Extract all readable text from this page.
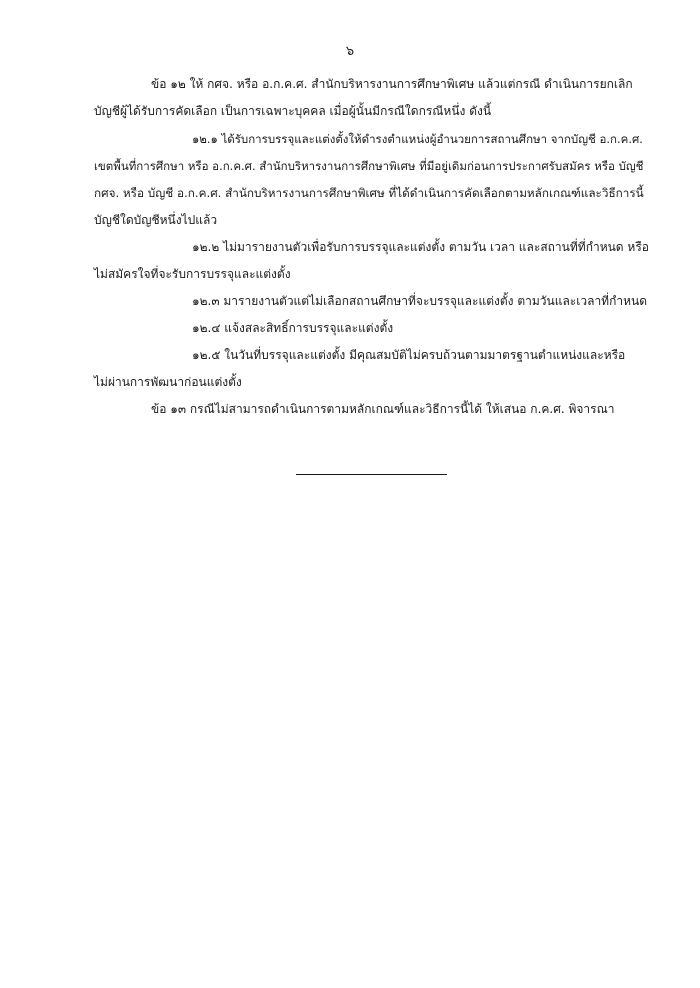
๖
ข้อ ๑๒ ให้ กศจ. หรือ อ.ก.ค.ศ. สำนักบริหารงานการศึกษาพิเศษ แล้วแต่กรณี ดำเนินการยกเลิก
บัญชีผู้ได้รับการคัดเลือก เป็นการเฉพาะบุคคล เมื่อผู้นั้นมีกรณีใดกรณีหนึ่ง ดังนี้
๑๒.๑ ได้รับการบรรจุและแต่งตั้งให้ดำรงตำแหน่งผู้อำนวยการสถานศึกษา จากบัญชี อ.ก.ค.ศ.
เขตพื้นที่การศึกษา หรือ อ.ก.ค.ศ. สำนักบริหารงานการศึกษาพิเศษ ที่มีอยู่เดิมก่อนการประกาศรับสมัคร หรือ บัญชี
กศจ. หรือ บัญชี อ.ก.ค.ศ. สำนักบริหารงานการศึกษาพิเศษ ที่ได้ดำเนินการคัดเลือกตามหลักเกณฑ์และวิธีการนี้
บัญชีใดบัญชีหนึ่งไปแล้ว
๑๒.๒ ไม่มารายงานตัวเพื่อรับการบรรจุและแต่งตั้ง ตามวัน เวลา และสถานที่ที่กำหนด หรือ
ไม่สมัครใจที่จะรับการบรรจุและแต่งตั้ง
๑๒.๓ มารายงานตัวแต่ไม่เลือกสถานศึกษาที่จะบรรจุและแต่งตั้ง ตามวันและเวลาที่กำหนด
๑๒.๔ แจ้งสละสิทธิ์การบรรจุและแต่งตั้ง
๑๒.๕ ในวันที่บรรจุและแต่งตั้ง มีคุณสมบัติไม่ครบถ้วนตามมาตรฐานตำแหน่งและหรือ
ไม่ผ่านการพัฒนาก่อนแต่งตั้ง
ข้อ ๑๓ กรณีไม่สามารถดำเนินการตามหลักเกณฑ์และวิธีการนี้ได้ ให้เสนอ ก.ค.ศ. พิจารณา
